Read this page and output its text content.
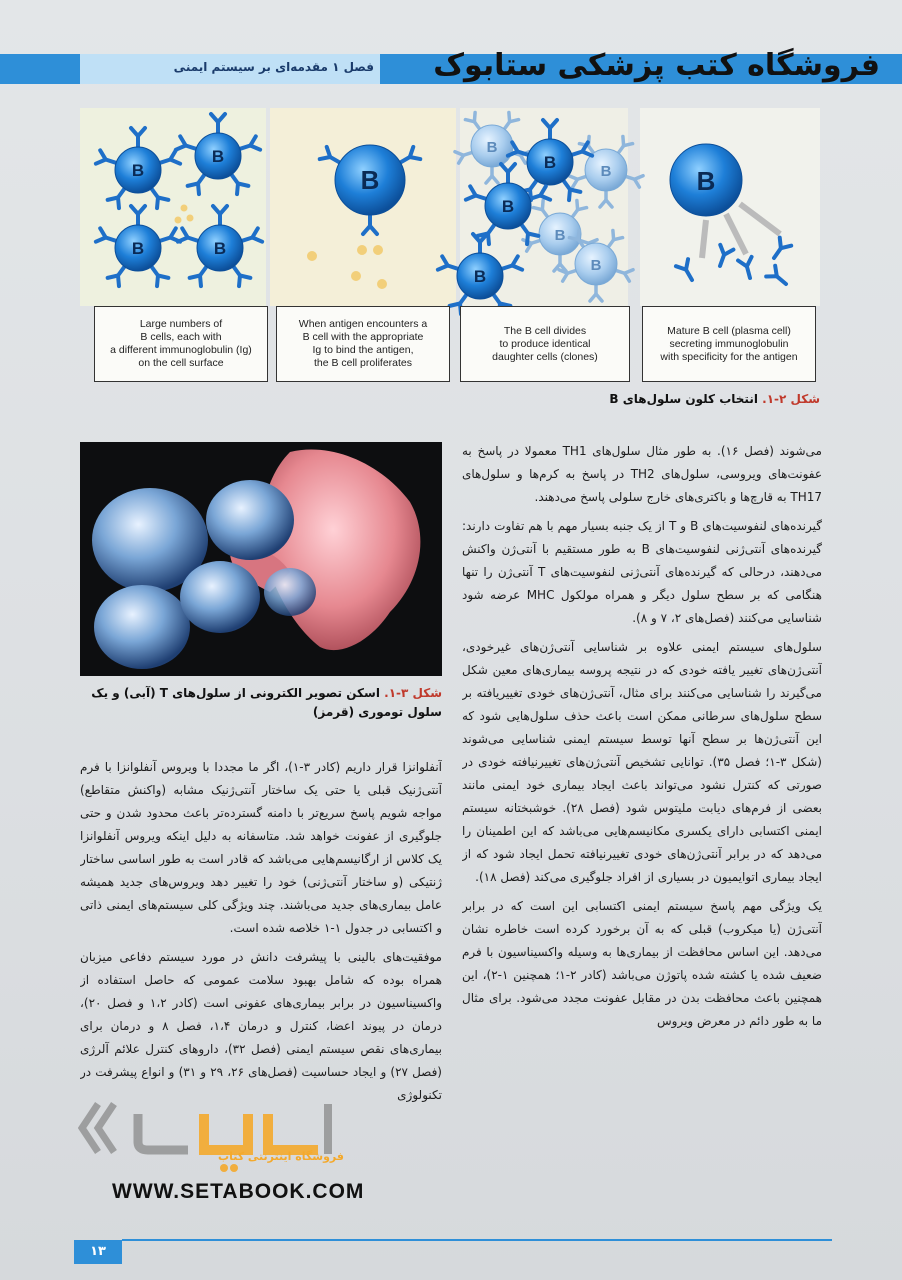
فصل ۱ مقدمه‌ای بر سیستم ایمنی	فروشگاه کتب پزشکی ستابوک
B	B
Large numbers of
B cells, each with
a different immunoglobulin (Ig)
on the cell surface
When antigen encounters a
B cell with the appropriate
Ig to bind the antigen,
the B cell proliferates
The B cell divides
to produce identical
daughter cells (clones)
Mature B cell (plasma cell)
secreting immunoglobulin
with specificity for the antigen
شکل ۲-۱. انتخاب کلون سلول‌های B
شکل ۳-۱. اسکن تصویر الکترونی از سلول‌های T (آبی) و یک سلول توموری (قرمز)

می‌شوند (فصل ۱۶). به طور مثال سلول‌های TH1 معمولا در پاسخ به عفونت‌های ویروسی، سلول‌های TH2 در پاسخ به کرم‌ها و سلول‌های TH17 به قارچ‌ها و باکتری‌های خارج سلولی پاسخ می‌دهند.

گیرنده‌های لنفوسیت‌های B و T از یک جنبه بسیار مهم با هم تفاوت دارند: گیرنده‌های آنتی‌ژنی لنفوسیت‌های B به طور مستقیم با آنتی‌ژن واکنش می‌دهند، درحالی که گیرنده‌های آنتی‌ژنی لنفوسیت‌های T آنتی‌ژن را تنها هنگامی که بر سطح سلول دیگر و همراه مولکول MHC عرضه شود شناسایی می‌کنند (فصل‌های ۲، ۷ و ۸).

سلول‌های سیستم ایمنی علاوه بر شناسایی آنتی‌ژن‌های غیرخودی، آنتی‌ژن‌های تغییر یافته خودی که در نتیجه پروسه بیماری‌های معین شکل می‌گیرند را شناسایی می‌کنند برای مثال، آنتی‌ژن‌های خودی تغییریافته بر سطح سلول‌های سرطانی ممکن است باعث حذف سلول‌هایی شود که این آنتی‌ژن‌ها بر سطح آنها توسط سیستم ایمنی شناسایی می‌شوند (شکل ۳-۱؛ فصل ۳۵). توانایی تشخیص آنتی‌ژن‌های تغییرنیافته خودی در صورتی که کنترل نشود می‌تواند باعث ایجاد بیماری خود ایمنی مانند بعضی از فرم‌های دیابت ملیتوس شود (فصل ۲۸). خوشبختانه سیستم ایمنی اکتسابی دارای یکسری مکانیسم‌هایی می‌باشد که این اطمینان را می‌دهد که در برابر آنتی‌ژن‌های خودی تغییرنیافته تحمل ایجاد شود که از ایجاد بیماری اتوایمیون در بسیاری از افراد جلوگیری می‌کند (فصل ۱۸).

یک ویژگی مهم پاسخ سیستم ایمنی اکتسابی این است که در برابر آنتی‌ژن (یا میکروب) قبلی که به آن برخورد کرده است خاطره نشان می‌دهد. این اساس محافظت از بیماری‌ها به وسیله واکسیناسیون با فرم ضعیف شده یا کشته شده پاتوژن می‌باشد (کادر ۲-۱؛ همچنین ۱-۲)، این همچنین باعث محافظت بدن در مقابل عفونت مجدد می‌شود. برای مثال ما به طور دائم در معرض ویروس

آنفلوانزا قرار داریم (کادر ۳-۱)، اگر ما مجددا با ویروس آنفلوانزا با فرم آنتی‌ژنیک قبلی یا حتی یک ساختار آنتی‌ژنیک مشابه (واکنش متقاطع) مواجه شویم پاسخ سریع‌تر با دامنه گسترده‌تر باعث محدود شدن و حتی جلوگیری از عفونت خواهد شد. متاسفانه به دلیل اینکه ویروس آنفلوانزا یک کلاس از ارگانیسم‌هایی می‌باشد که قادر است به طور اساسی ساختار ژنتیکی (و ساختار آنتی‌ژنی) خود را تغییر دهد ویروس‌های جدید همیشه عامل بیماری‌های جدید می‌باشند. چند ویژگی کلی سیستم‌های ایمنی ذاتی و اکتسابی در جدول ۱-۱ خلاصه شده است.

موفقیت‌های بالینی با پیشرفت دانش در مورد سیستم دفاعی میزبان همراه بوده که شامل بهبود سلامت عمومی که حاصل استفاده از واکسیناسیون در برابر بیماری‌های عفونی است (کادر ۱،۲ و فصل ۲۰)، درمان در پیوند اعضا، کنترل و درمان ۱،۴، فصل ۸ و درمان برای بیماری‌های نقص سیستم ایمنی (فصل ۳۲)، داروهای کنترل علائم آلرژی (فصل ۲۷) و ایجاد حساسیت (فصل‌های ۲۶، ۲۹ و ۳۱) و انواع پیشرفت در تکنولوژی

فروشگاه اینترنتی کتاب
WWW.SETABOOK.COM
۱۳
